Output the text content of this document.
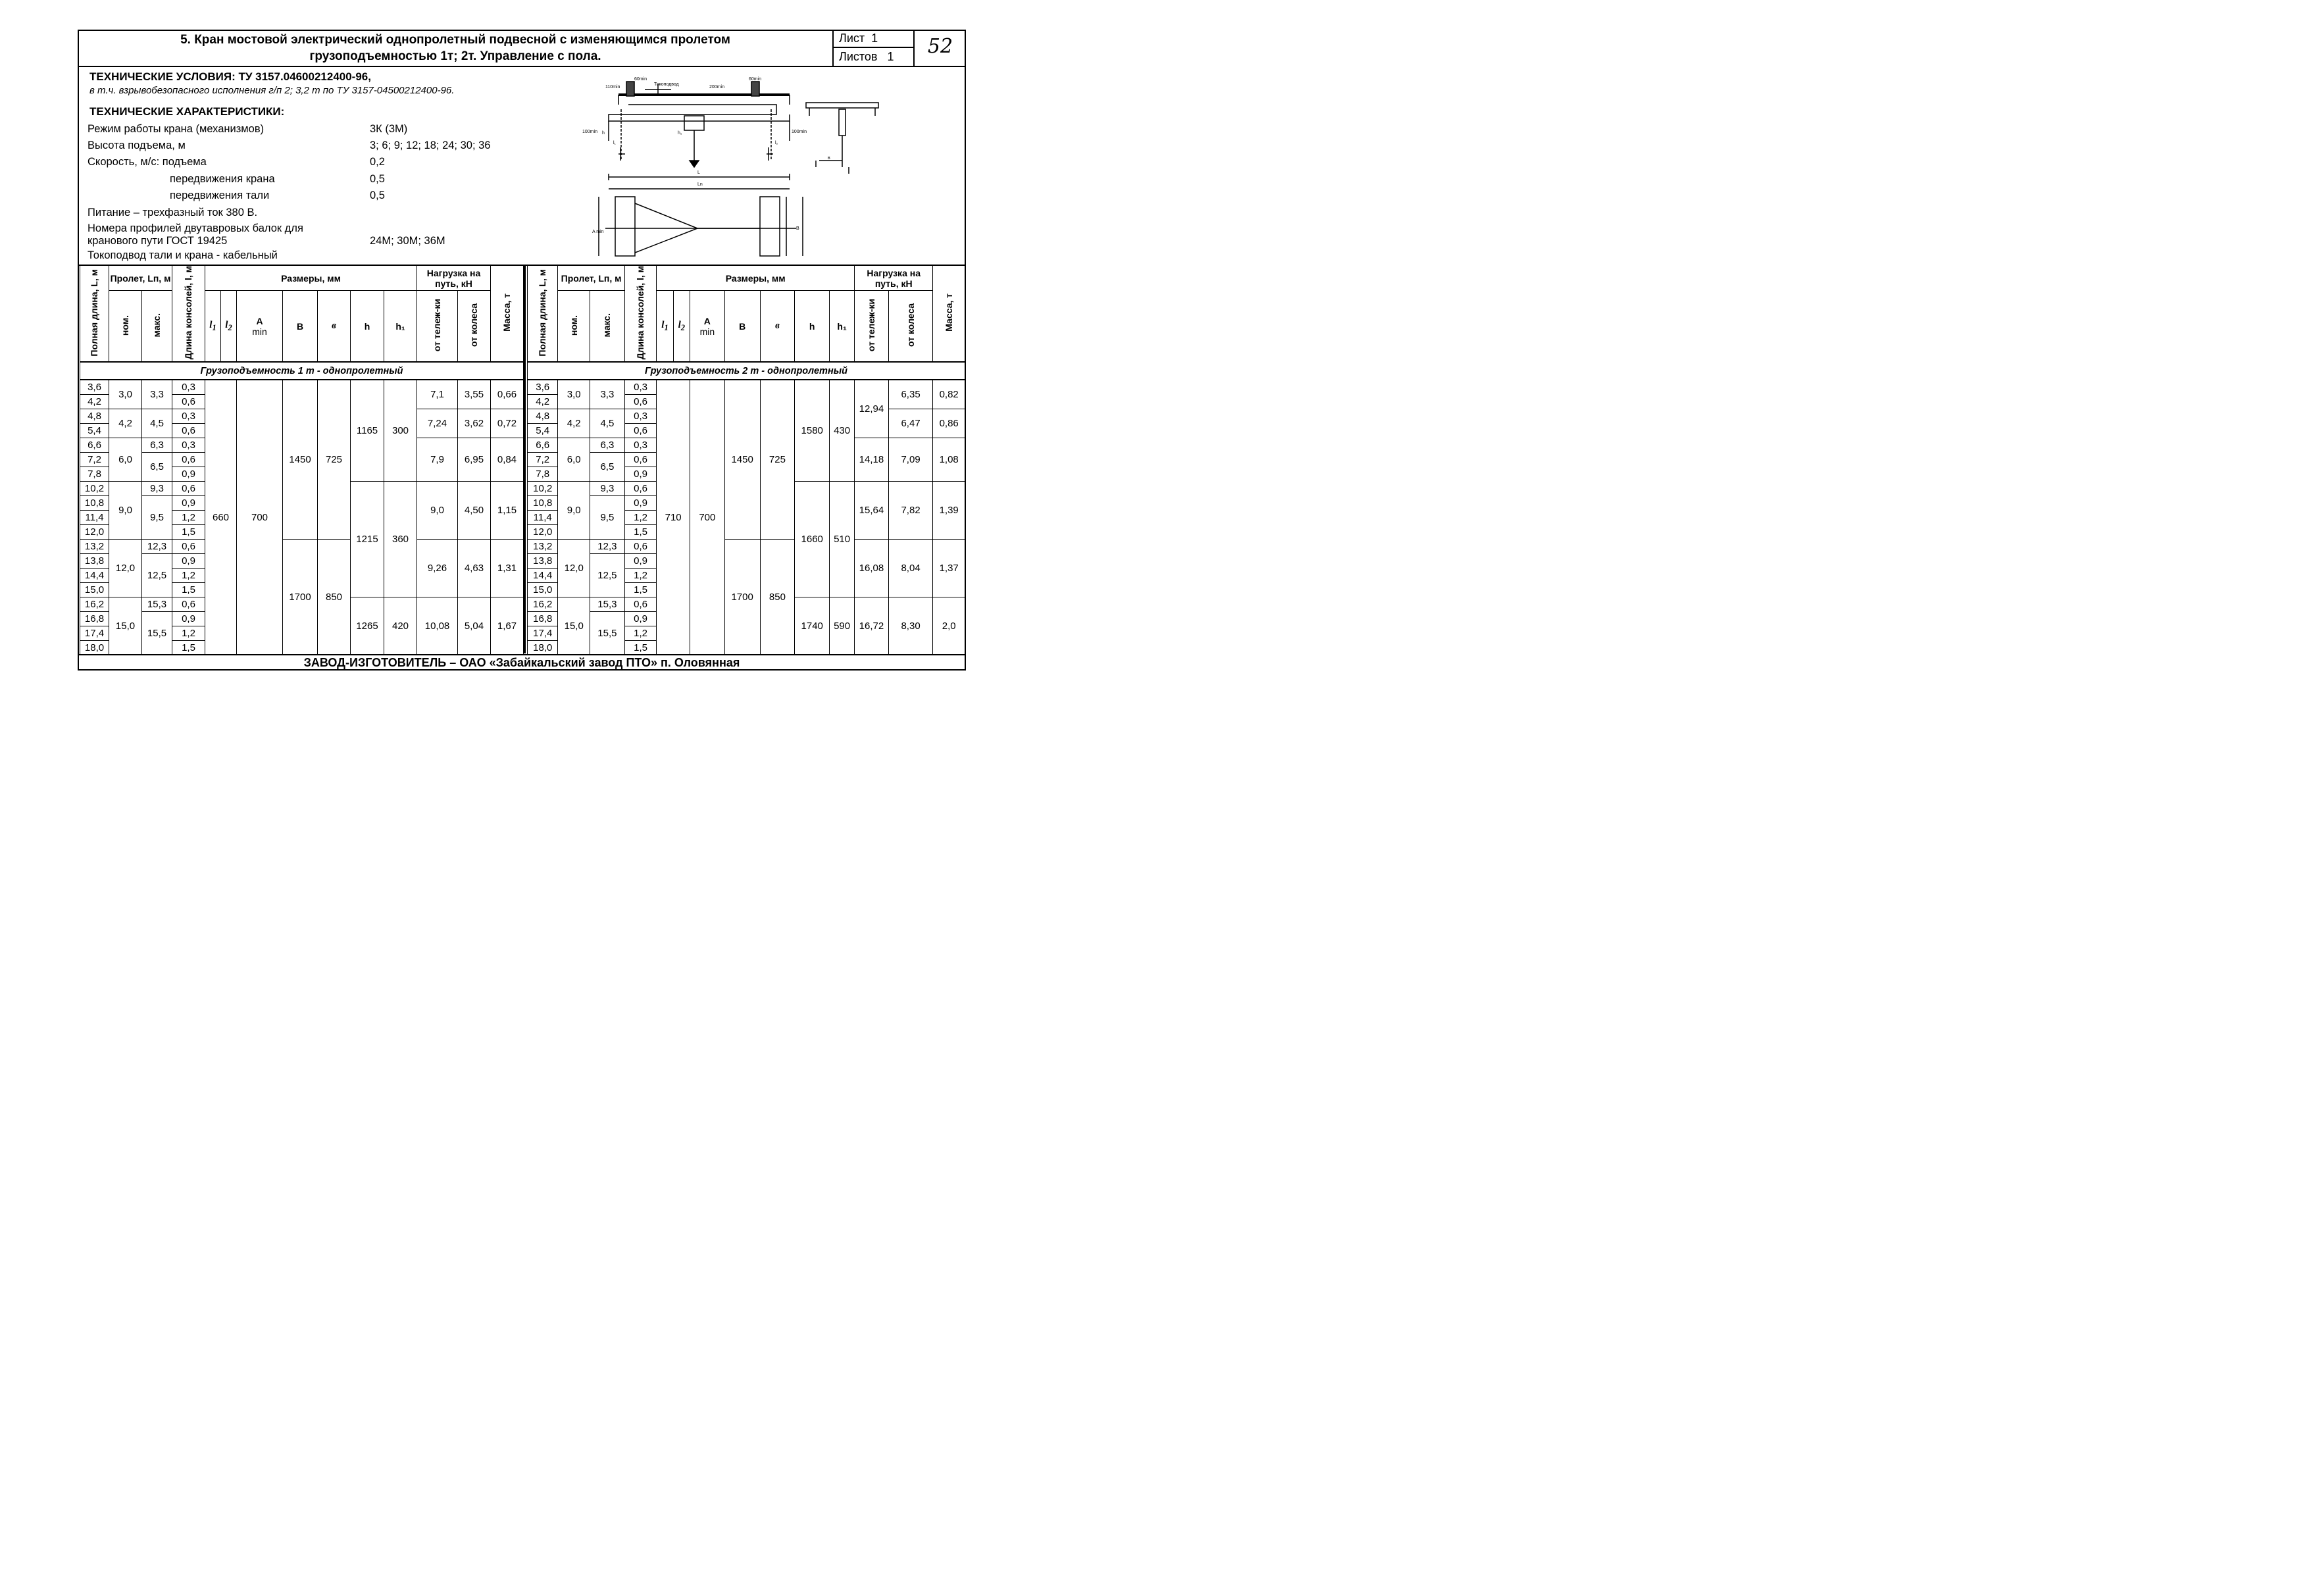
5. Кран мостовой электрический однопролетный подвесной с изменяющимся пролетом
грузоподъемностью 1т; 2т. Управление с пола.
Лист 1
Листов 1	52
ТЕХНИЧЕСКИЕ УСЛОВИЯ: ТУ 3157.04600212400-96,
в т.ч. взрывобезопасного исполнения г/п 2; 3,2 т по ТУ 3157-04500212400-96.
ТЕХНИЧЕСКИЕ ХАРАКТЕРИСТИКИ:
Режим работы крана (механизмов)	3К (3М)
Высота подъема, м	3; 6; 9; 12; 18; 24; 30; 36
Скорость, м/с: подъема	0,2
передвижения крана	0,5
передвижения тали	0,5
Питание – трехфазный ток 380 В.
Номера профилей двутавровых балок для
кранового пути ГОСТ 19425	24М; 30М; 36М
Токоподвод тали и крана - кабельный
110min
60min	60min
Токоподвод
200min
100min	100min
L
Ln
h	h₁
l₁	l₂
A min
B
в
Полная длина, L, м	Пролет, Lп, м		Длина консолей, l, м	Размеры, мм							Нагрузка на путь, кН		Масса, т
	ном.	макс.		$l_1$	$l_2$	A
min	B	в	h	h₁	от тележ-ки	от колеса	
Грузоподъемность 1 т - однопролетный													
3,6	3,0	3,3	0,3	660		700	1450	725	1165	300	7,1	3,55	0,66
4,2			0,6										
4,8	4,2	4,5	0,3								7,24	3,62	0,72
5,4			0,6										
6,6	6,0	6,3	0,3								7,9	6,95	0,84
7,2		6,5	0,6										
7,8			0,9										
10,2	9,0	9,3	0,6						1215	360	9,0	4,50	1,15
10,8		9,5	0,9										
11,4			1,2										
12,0			1,5										
13,2	12,0	12,3	0,6				1700	850			9,26	4,63	1,31
13,8		12,5	0,9										
14,4			1,2										
15,0			1,5										
16,2	15,0	15,3	0,6						1265	420	10,08	5,04	1,67
16,8		15,5	0,9										
17,4			1,2										
18,0			1,5										
Полная длина, L, м	Пролет, Lп, м		Длина консолей, l, м	Размеры, мм							Нагрузка на путь, кН		Масса, т
	ном.	макс.		$l_1$	$l_2$	A
min	B	в	h	h₁	от тележ-ки	от колеса	
Грузоподъемность 2 т - однопролетный													
3,6	3,0	3,3	0,3	710		700	1450	725	1580	430	12,94	6,35	0,82
4,2			0,6										
4,8	4,2	4,5	0,3									6,47	0,86
5,4			0,6										
6,6	6,0	6,3	0,3								14,18	7,09	1,08
7,2		6,5	0,6										
7,8			0,9										
10,2	9,0	9,3	0,6						1660	510	15,64	7,82	1,39
10,8		9,5	0,9										
11,4			1,2										
12,0			1,5										
13,2	12,0	12,3	0,6				1700	850			16,08	8,04	1,37
13,8		12,5	0,9										
14,4			1,2										
15,0			1,5										
16,2	15,0	15,3	0,6						1740	590	16,72	8,30	2,0
16,8		15,5	0,9										
17,4			1,2										
18,0			1,5										
ЗАВОД-ИЗГОТОВИТЕЛЬ – ОАО «Забайкальский завод ПТО» п. Оловянная
